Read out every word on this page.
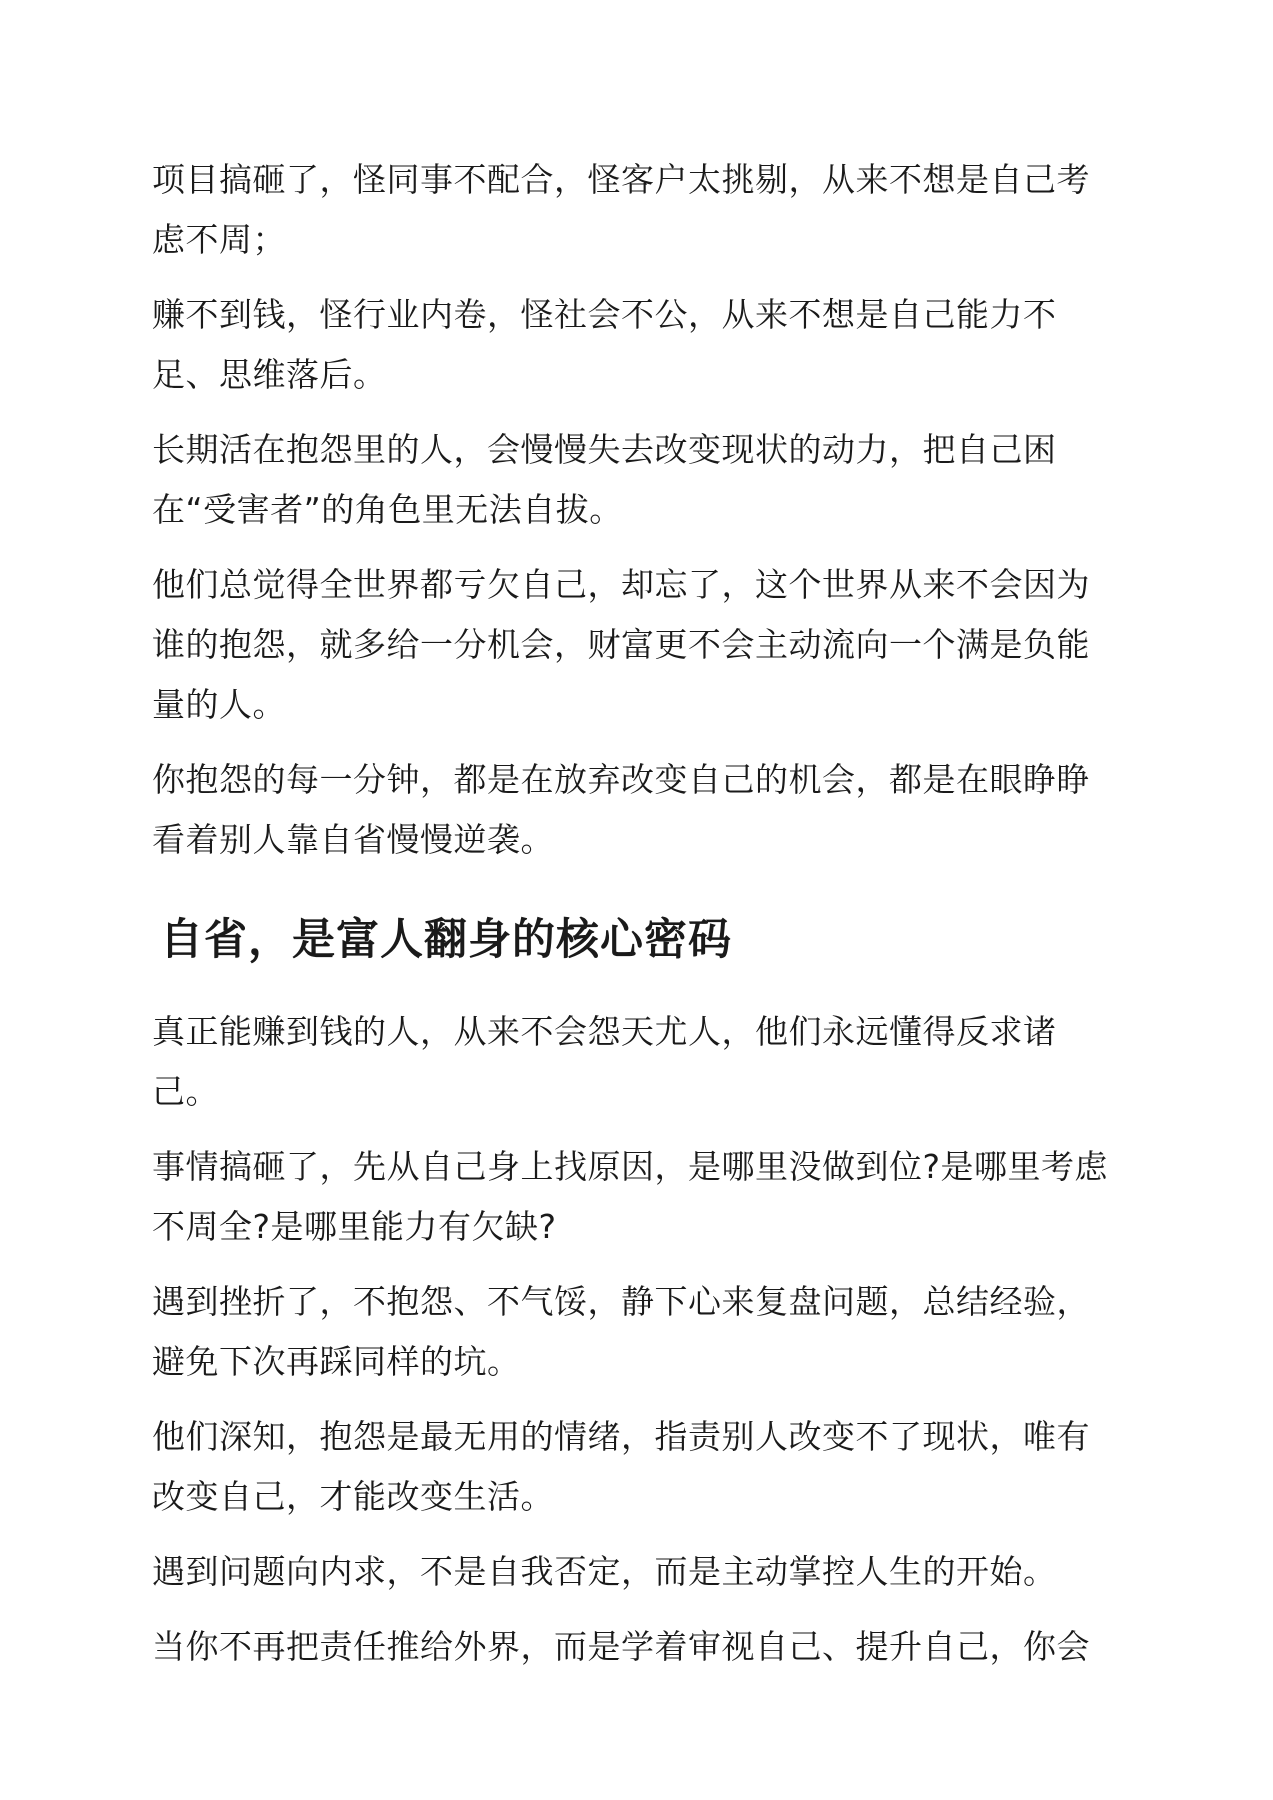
项目搞砸了，怪同事不配合，怪客户太挑剔，从来不想是自己考虑不周；

赚不到钱，怪行业内卷，怪社会不公，从来不想是自己能力不足、思维落后。

长期活在抱怨里的人，会慢慢失去改变现状的动力，把自己困在“受害者”的角色里无法自拔。

他们总觉得全世界都亏欠自己，却忘了，这个世界从来不会因为谁的抱怨，就多给一分机会，财富更不会主动流向一个满是负能量的人。

你抱怨的每一分钟，都是在放弃改变自己的机会，都是在眼睁睁看着别人靠自省慢慢逆袭。

自省，是富人翻身的核心密码

真正能赚到钱的人，从来不会怨天尤人，他们永远懂得反求诸己。

事情搞砸了，先从自己身上找原因，是哪里没做到位?是哪里考虑不周全?是哪里能力有欠缺?

遇到挫折了，不抱怨、不气馁，静下心来复盘问题，总结经验，避免下次再踩同样的坑。

他们深知，抱怨是最无用的情绪，指责别人改变不了现状，唯有改变自己，才能改变生活。

遇到问题向内求，不是自我否定，而是主动掌控人生的开始。

当你不再把责任推给外界，而是学着审视自己、提升自己，你会
